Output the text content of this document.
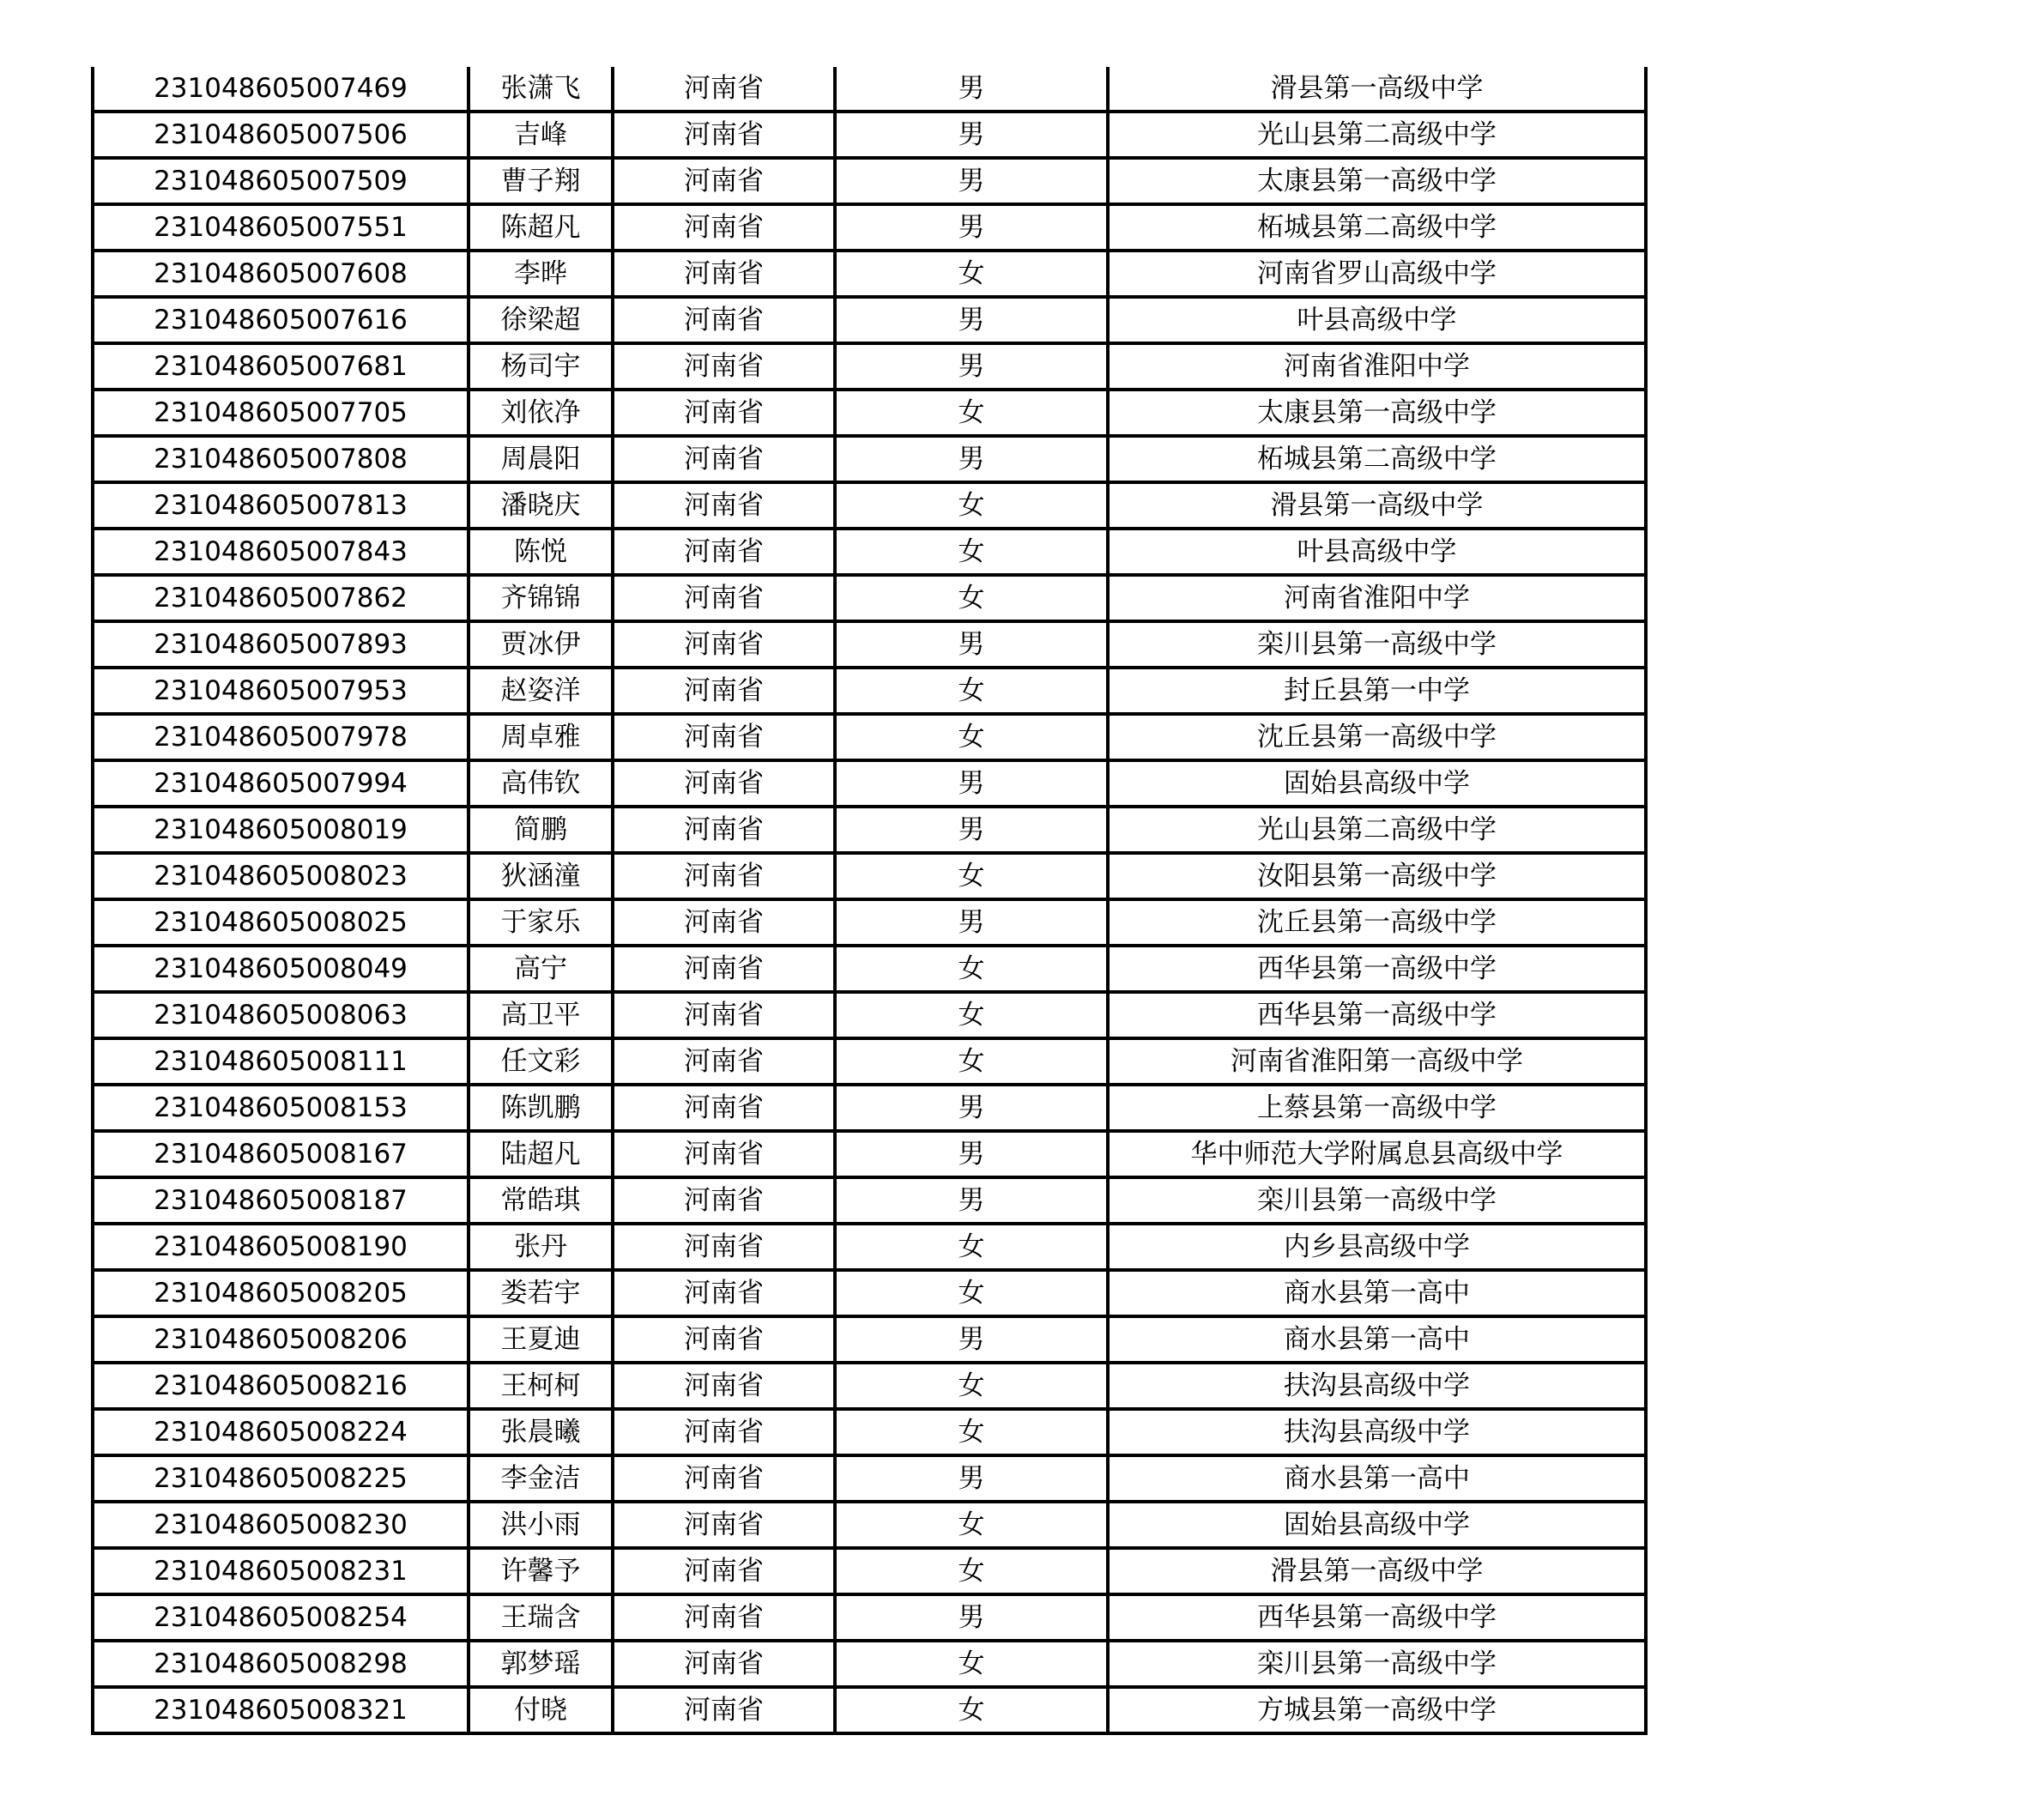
231048605007469	张潇飞	河南省	男	滑县第一高级中学
231048605007506	吉峰	河南省	男	光山县第二高级中学
231048605007509	曹子翔	河南省	男	太康县第一高级中学
231048605007551	陈超凡	河南省	男	柘城县第二高级中学
231048605007608	李晔	河南省	女	河南省罗山高级中学
231048605007616	徐梁超	河南省	男	叶县高级中学
231048605007681	杨司宇	河南省	男	河南省淮阳中学
231048605007705	刘依净	河南省	女	太康县第一高级中学
231048605007808	周晨阳	河南省	男	柘城县第二高级中学
231048605007813	潘晓庆	河南省	女	滑县第一高级中学
231048605007843	陈悦	河南省	女	叶县高级中学
231048605007862	齐锦锦	河南省	女	河南省淮阳中学
231048605007893	贾冰伊	河南省	男	栾川县第一高级中学
231048605007953	赵姿洋	河南省	女	封丘县第一中学
231048605007978	周卓雅	河南省	女	沈丘县第一高级中学
231048605007994	高伟钦	河南省	男	固始县高级中学
231048605008019	简鹏	河南省	男	光山县第二高级中学
231048605008023	狄涵潼	河南省	女	汝阳县第一高级中学
231048605008025	于家乐	河南省	男	沈丘县第一高级中学
231048605008049	高宁	河南省	女	西华县第一高级中学
231048605008063	高卫平	河南省	女	西华县第一高级中学
231048605008111	任文彩	河南省	女	河南省淮阳第一高级中学
231048605008153	陈凯鹏	河南省	男	上蔡县第一高级中学
231048605008167	陆超凡	河南省	男	华中师范大学附属息县高级中学
231048605008187	常皓琪	河南省	男	栾川县第一高级中学
231048605008190	张丹	河南省	女	内乡县高级中学
231048605008205	娄若宇	河南省	女	商水县第一高中
231048605008206	王夏迪	河南省	男	商水县第一高中
231048605008216	王柯柯	河南省	女	扶沟县高级中学
231048605008224	张晨曦	河南省	女	扶沟县高级中学
231048605008225	李金洁	河南省	男	商水县第一高中
231048605008230	洪小雨	河南省	女	固始县高级中学
231048605008231	许馨予	河南省	女	滑县第一高级中学
231048605008254	王瑞含	河南省	男	西华县第一高级中学
231048605008298	郭梦瑶	河南省	女	栾川县第一高级中学
231048605008321	付晓	河南省	女	方城县第一高级中学
